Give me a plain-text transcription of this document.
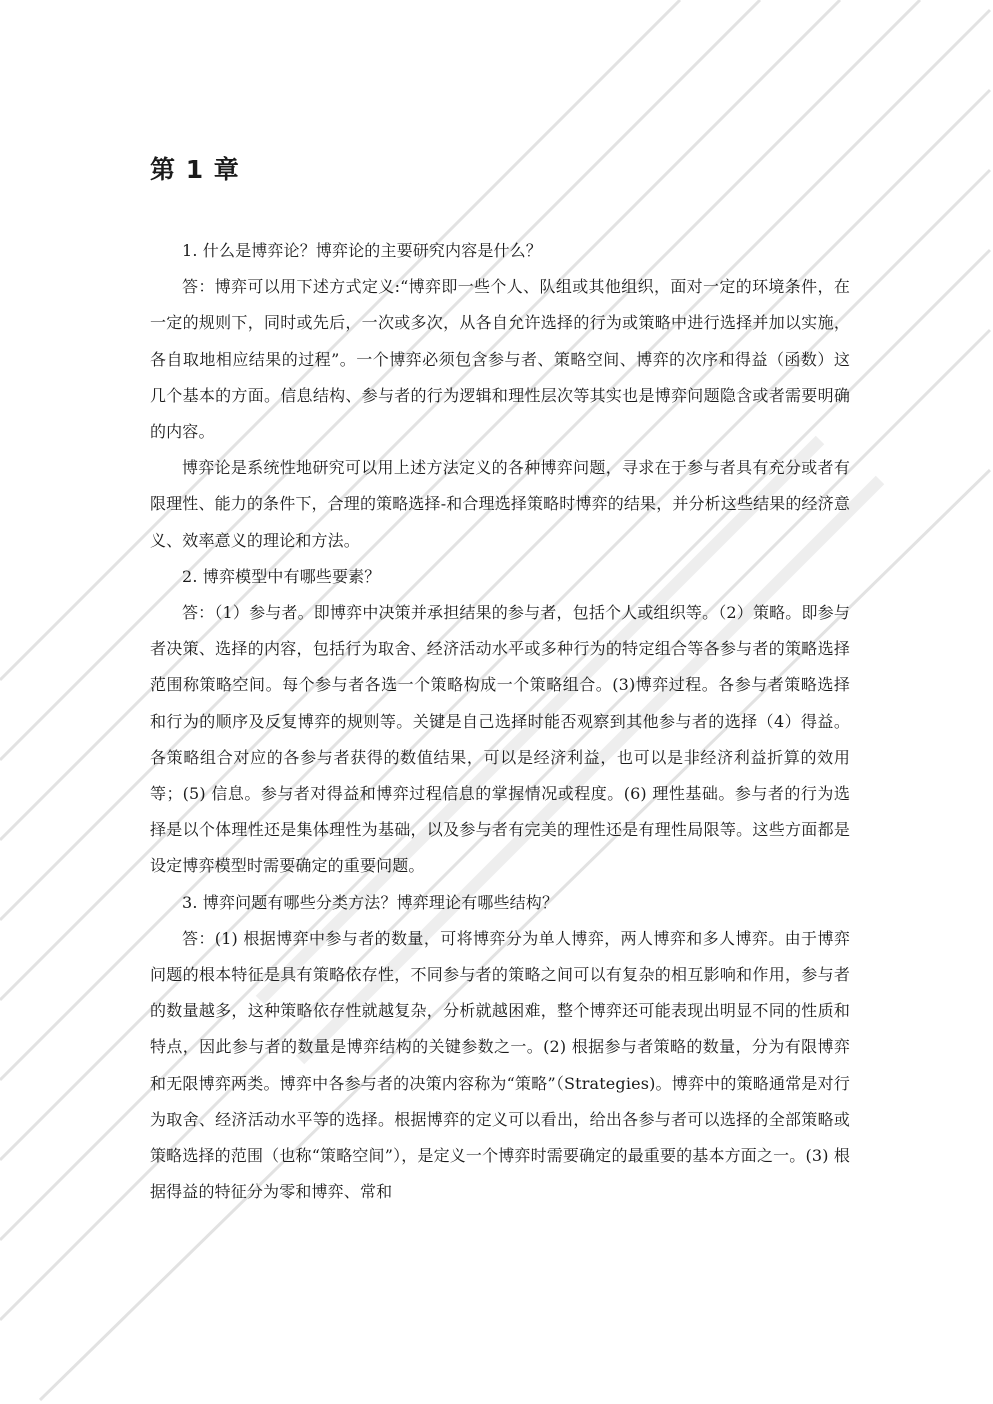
第 1 章

1. 什么是博弈论？博弈论的主要研究内容是什么？

答：博弈可以用下述方式定义:“博弈即一些个人、队组或其他组织，面对一定的环境条件，在一定的规则下，同时或先后，一次或多次，从各自允许选择的行为或策略中进行选择并加以实施，各自取地相应结果的过程”。一个博弈必须包含参与者、策略空间、博弈的次序和得益（函数）这几个基本的方面。信息结构、参与者的行为逻辑和理性层次等其实也是博弈问题隐含或者需要明确的内容。

博弈论是系统性地研究可以用上述方法定义的各种博弈问题，寻求在于参与者具有充分或者有限理性、能力的条件下，合理的策略选择-和合理选择策略时博弈的结果，并分析这些结果的经济意义、效率意义的理论和方法。

2. 博弈模型中有哪些要素？

答：（1）参与者。即博弈中决策并承担结果的参与者，包括个人或组织等。（2）策略。即参与者决策、选择的内容，包括行为取舍、经济活动水平或多种行为的特定组合等各参与者的策略选择范围称策略空间。每个参与者各选一个策略构成一个策略组合。(3)博弈过程。各参与者策略选择和行为的顺序及反复博弈的规则等。关键是自己选择时能否观察到其他参与者的选择（4）得益。各策略组合对应的各参与者获得的数值结果，可以是经济利益，也可以是非经济利益折算的效用等；(5) 信息。参与者对得益和博弈过程信息的掌握情况或程度。(6) 理性基础。参与者的行为选择是以个体理性还是集体理性为基础，以及参与者有完美的理性还是有理性局限等。这些方面都是设定博弈模型时需要确定的重要问题。

3. 博弈问题有哪些分类方法？博弈理论有哪些结构？

答：(1) 根据博弈中参与者的数量，可将博弈分为单人博弈，两人博弈和多人博弈。由于博弈问题的根本特征是具有策略依存性，不同参与者的策略之间可以有复杂的相互影响和作用，参与者的数量越多，这种策略依存性就越复杂，分析就越困难，整个博弈还可能表现出明显不同的性质和特点，因此参与者的数量是博弈结构的关键参数之一。(2) 根据参与者策略的数量，分为有限博弈和无限博弈两类。博弈中各参与者的决策内容称为“策略”（Strategies)。博弈中的策略通常是对行为取舍、经济活动水平等的选择。根据博弈的定义可以看出，给出各参与者可以选择的全部策略或策略选择的范围（也称“策略空间”），是定义一个博弈时需要确定的最重要的基本方面之一。(3) 根据得益的特征分为零和博弈、常和
